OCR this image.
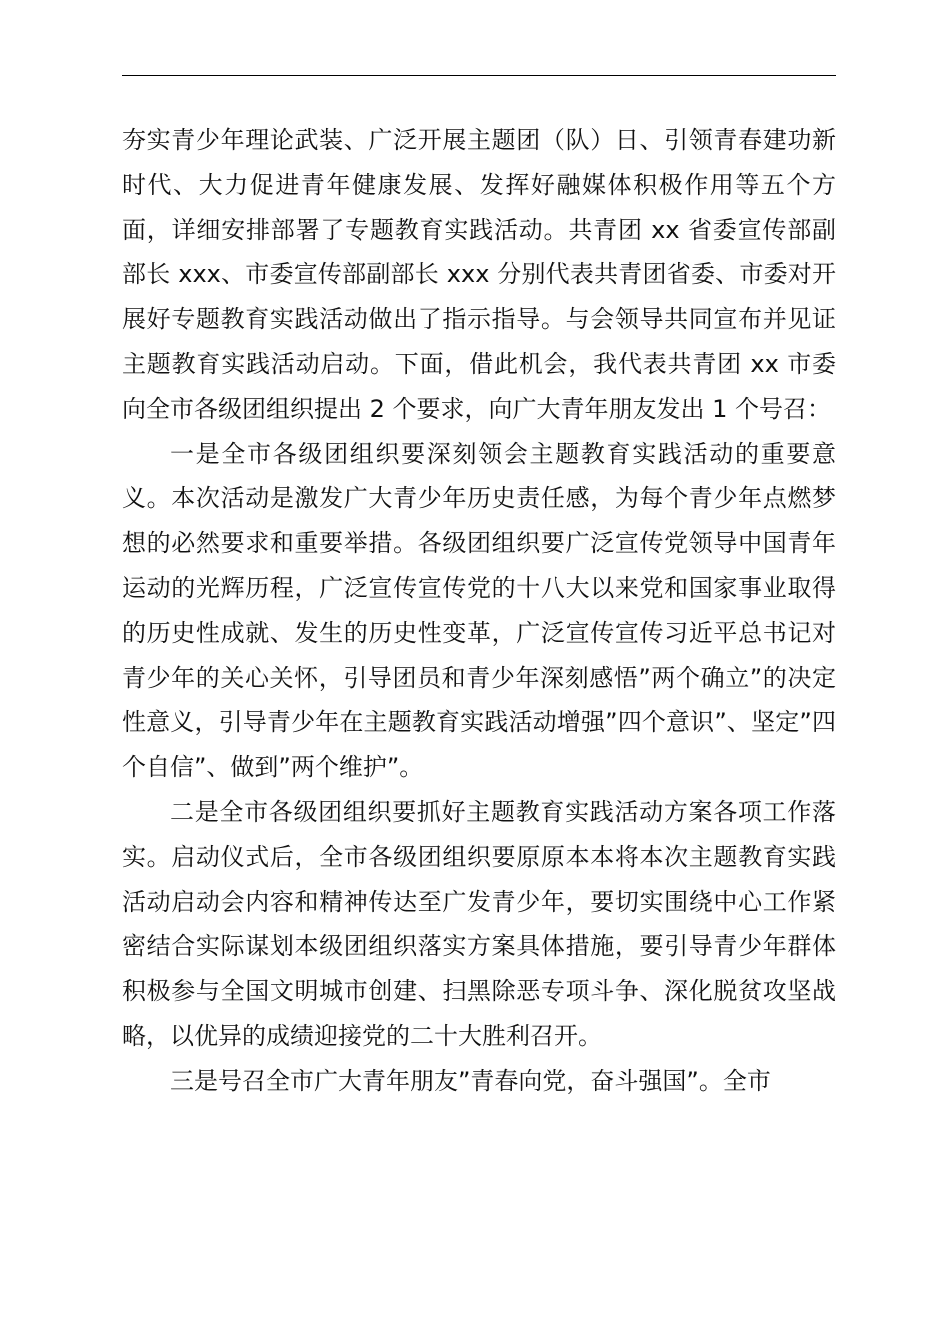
夯实青少年理论武装、广泛开展主题团（队）日、引领青春建功新时代、大力促进青年健康发展、发挥好融媒体积极作用等五个方面，详细安排部署了专题教育实践活动。共青团 xx 省委宣传部副部长 xxx、市委宣传部副部长 xxx 分别代表共青团省委、市委对开展好专题教育实践活动做出了指示指导。与会领导共同宣布并见证主题教育实践活动启动。下面，借此机会，我代表共青团 xx 市委向全市各级团组织提出 2 个要求，向广大青年朋友发出 1 个号召：

一是全市各级团组织要深刻领会主题教育实践活动的重要意义。本次活动是激发广大青少年历史责任感，为每个青少年点燃梦想的必然要求和重要举措。各级团组织要广泛宣传党领导中国青年运动的光辉历程，广泛宣传宣传党的十八大以来党和国家事业取得的历史性成就、发生的历史性变革，广泛宣传宣传习近平总书记对青少年的关心关怀，引导团员和青少年深刻感悟”两个确立”的决定性意义，引导青少年在主题教育实践活动增强”四个意识”、坚定”四个自信”、做到”两个维护”。

二是全市各级团组织要抓好主题教育实践活动方案各项工作落实。启动仪式后，全市各级团组织要原原本本将本次主题教育实践活动启动会内容和精神传达至广发青少年，要切实围绕中心工作紧密结合实际谋划本级团组织落实方案具体措施，要引导青少年群体积极参与全国文明城市创建、扫黑除恶专项斗争、深化脱贫攻坚战略，以优异的成绩迎接党的二十大胜利召开。

三是号召全市广大青年朋友”青春向党，奋斗强国”。全市
